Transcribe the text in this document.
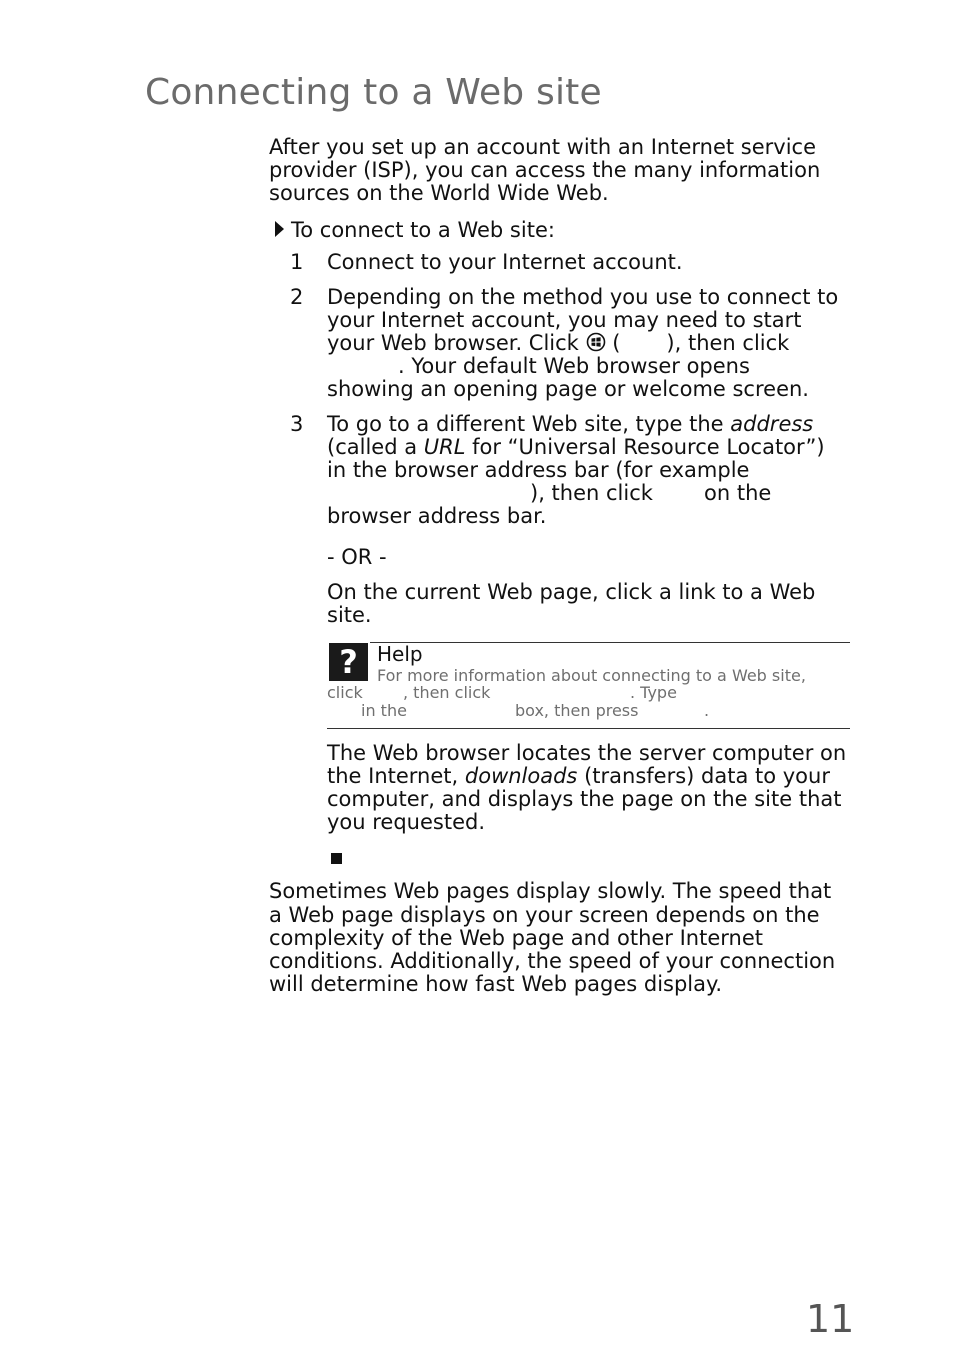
Connecting to a Web site
After you set up an account with an Internet service
provider (ISP), you can access the many information
sources on the World Wide Web.
To connect to a Web site:
1 Connect to your Internet account.
2 Depending on the method you use to connect to
your Internet account, you may need to start
your Web browser. Click ( ), then click
. Your default Web browser opens
showing an opening page or welcome screen.
3 To go to a different Web site, type the address
(called a URL for “Universal Resource Locator”)
in the browser address bar (for example
), then click on the
browser address bar.
- OR -
On the current Web page, click a link to a Web
site.
? Help
For more information about connecting to a Web site,
click	, then click	. Type
in the	box, then press	.
The Web browser locates the server computer on
the Internet, downloads (transfers) data to your
computer, and displays the page on the site that
you requested.
Sometimes Web pages display slowly. The speed that
a Web page displays on your screen depends on the
complexity of the Web page and other Internet
conditions. Additionally, the speed of your connection
will determine how fast Web pages display.
11
